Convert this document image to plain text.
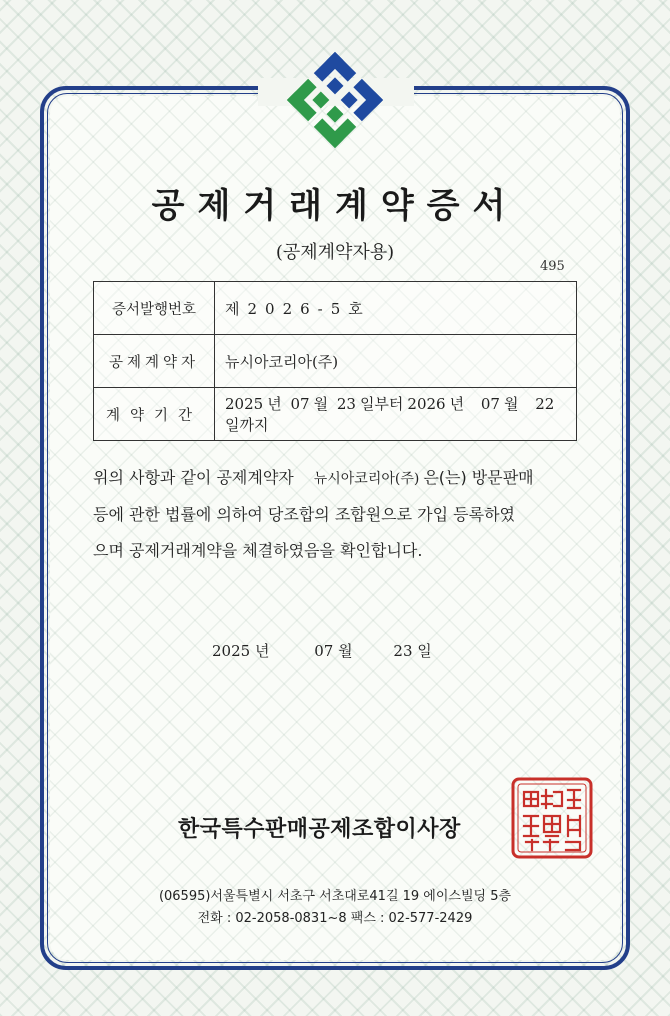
공제거래계약증서
(공제계약자용)
495
증서발행번호	제2026-5호
공제계약자	뉴시아코리아(주)
계약기간	2025 년 07 월 23 일부터 2026 년 07 월 22일까지
위의 사항과 같이 공제계약자 뉴시아코리아(주) 은(는) 방문판매
등에 관한 법률에 의하여 당조합의 조합원으로 가입 등록하였
으며 공제거래계약을 체결하였음을 확인합니다.
2025 년	07 월	23 일
한국특수판매공제조합이사장
(06595)서울특별시 서초구 서초대로41길 19 에이스빌딩 5층
전화 : 02-2058-0831~8 팩스 : 02-577-2429
